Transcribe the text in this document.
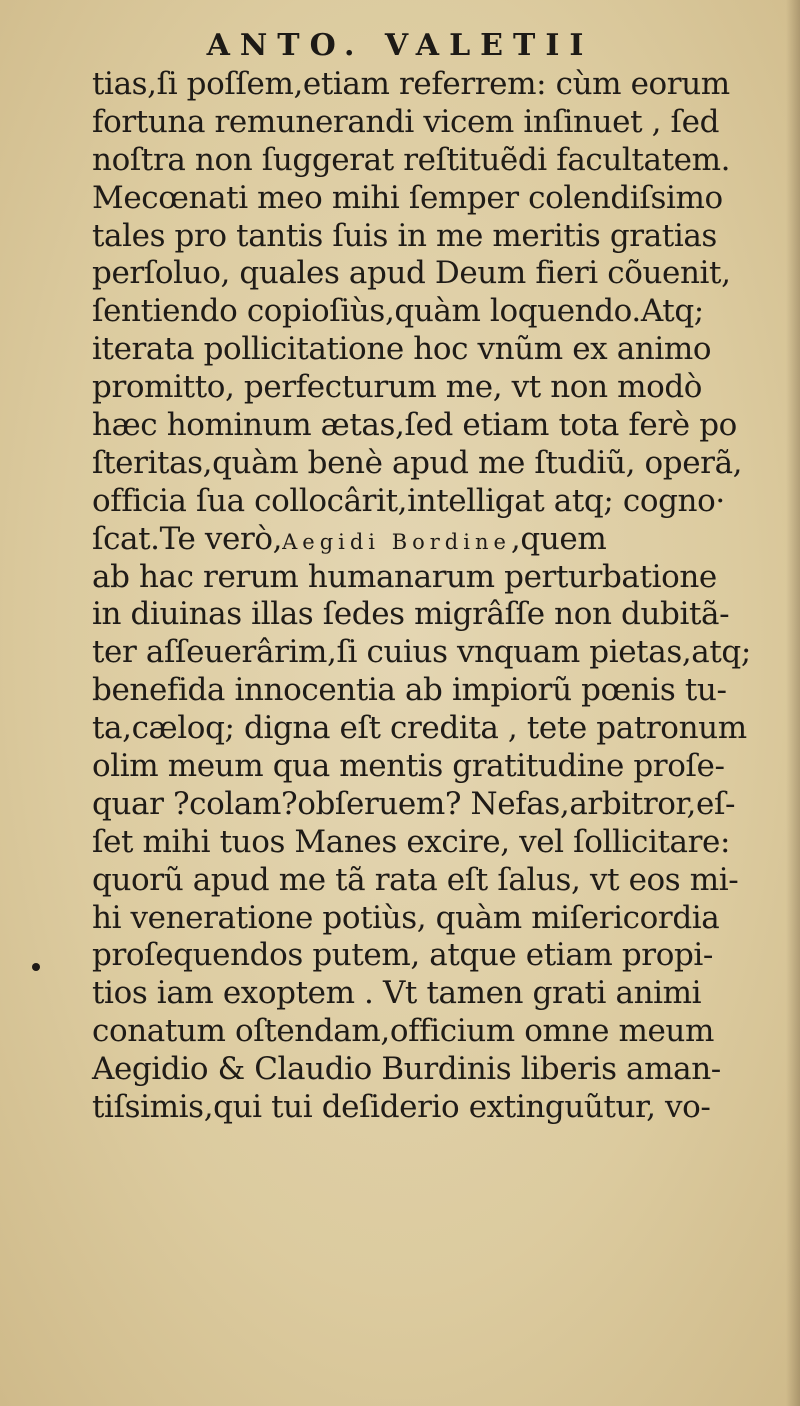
ANTO. VALETII
tias,ſi poſſem,etiam referrem: cùm eorum
fortuna remunerandi vicem inſinuet , ſed
noſtra non ſuggerat reſtituẽdi facultatem.
Mecœnati meo mihi ſemper colendiſsimo
tales pro tantis ſuis in me meritis gratias
perſoluo, quales apud Deum fieri cõuenit,
ſentiendo copioſiùs,quàm loquendo.Atq;
iterata pollicitatione hoc vnũm ex animo
promitto, perfecturum me, vt non modò
hæc hominum ætas,ſed etiam tota ferè po
ſteritas,quàm benè apud me ſtudiũ, operã,
officia ſua collocârit,intelligat atq; cogno·
ſcat.Te verò,Aegidi Bordine,quem
ab hac rerum humanarum perturbatione
in diuinas illas ſedes migrâſſe non dubitã-
ter aſſeuerârim,ſi cuius vnquam pietas,atq;
benefida innocentia ab impiorũ pœnis tu-
ta,cæloq; digna eſt credita , tete patronum
olim meum qua mentis gratitudine proſe-
quar ?colam?obſeruem? Nefas,arbitror,eſ-
ſet mihi tuos Manes excire, vel ſollicitare:
quorũ apud me tã rata eſt ſalus, vt eos mi-
hi veneratione potiùs, quàm miſericordia
proſequendos putem, atque etiam propi-
tios iam exoptem . Vt tamen grati animi
conatum oſtendam,officium omne meum
Aegidio & Claudio Burdinis liberis aman-
tiſsimis,qui tui deſiderio extinguũtur, vo-
